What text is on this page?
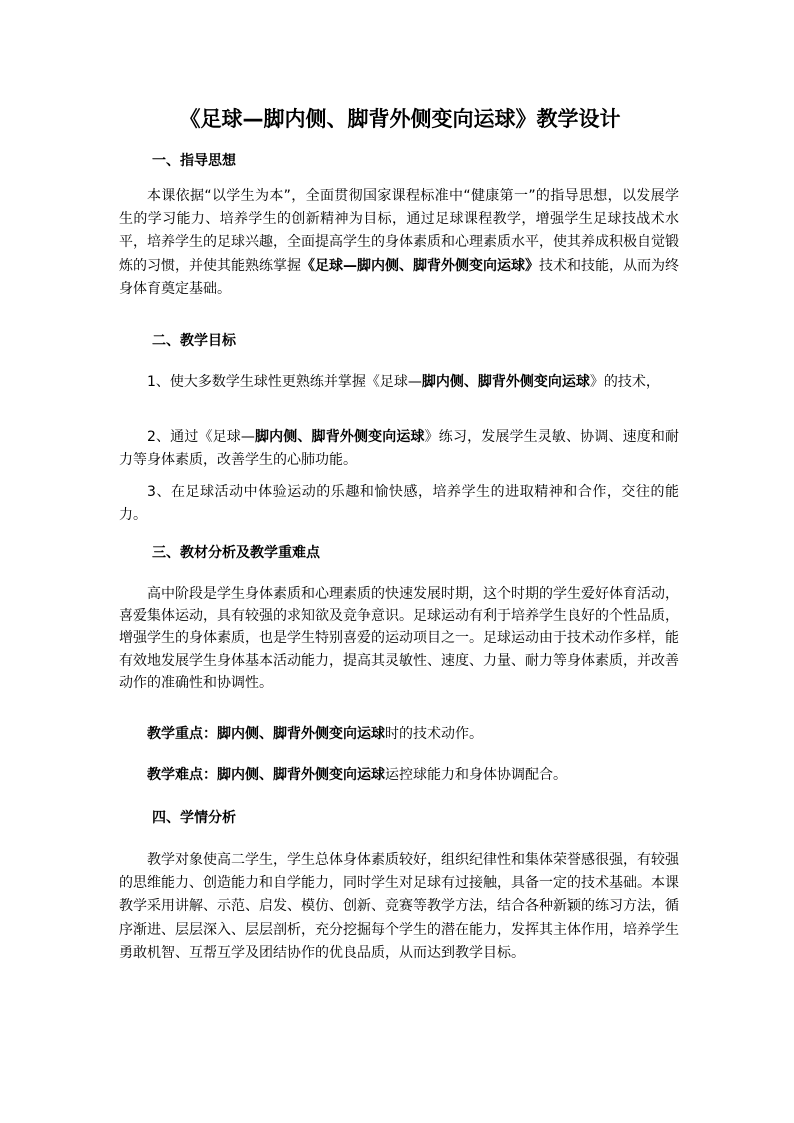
《足球—脚内侧、脚背外侧变向运球》教学设计
一、指导思想
本课依据“以学生为本”，全面贯彻国家课程标准中“健康第一”的指导思想，以发展学生的学习能力、培养学生的创新精神为目标，通过足球课程教学，增强学生足球技战术水平，培养学生的足球兴趣，全面提高学生的身体素质和心理素质水平，使其养成积极自觉锻炼的习惯，并使其能熟练掌握《足球—脚内侧、脚背外侧变向运球》技术和技能，从而为终身体育奠定基础。
二、教学目标
1、使大多数学生球性更熟练并掌握《足球—脚内侧、脚背外侧变向运球》的技术，
2、通过《足球—脚内侧、脚背外侧变向运球》练习，发展学生灵敏、协调、速度和耐力等身体素质，改善学生的心肺功能。
3、在足球活动中体验运动的乐趣和愉快感，培养学生的进取精神和合作，交往的能力。
三、教材分析及教学重难点
高中阶段是学生身体素质和心理素质的快速发展时期，这个时期的学生爱好体育活动，喜爱集体运动，具有较强的求知欲及竞争意识。足球运动有利于培养学生良好的个性品质，增强学生的身体素质，也是学生特别喜爱的运动项目之一。足球运动由于技术动作多样，能有效地发展学生身体基本活动能力，提高其灵敏性、速度、力量、耐力等身体素质，并改善动作的准确性和协调性。
教学重点：脚内侧、脚背外侧变向运球时的技术动作。
教学难点：脚内侧、脚背外侧变向运球运控球能力和身体协调配合。
四、学情分析
教学对象使高二学生，学生总体身体素质较好，组织纪律性和集体荣誉感很强，有较强的思维能力、创造能力和自学能力，同时学生对足球有过接触，具备一定的技术基础。本课教学采用讲解、示范、启发、模仿、创新、竞赛等教学方法，结合各种新颖的练习方法，循序渐进、层层深入、层层剖析，充分挖掘每个学生的潜在能力，发挥其主体作用，培养学生勇敢机智、互帮互学及团结协作的优良品质，从而达到教学目标。
